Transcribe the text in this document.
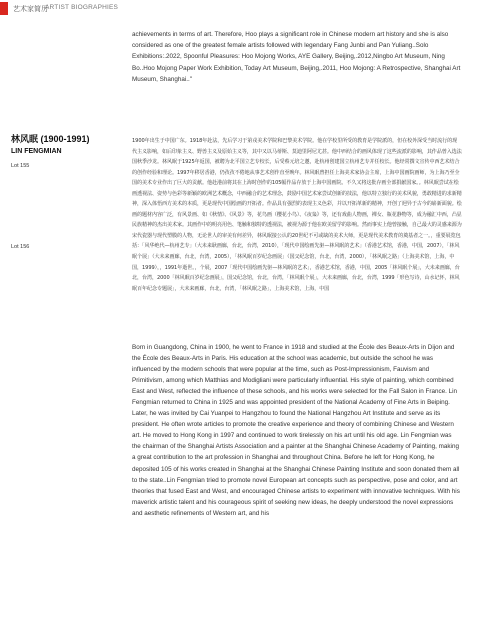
艺术家简历
ARTIST BIOGRAPHIES

achievements in terms of art. Therefore, Hoo plays a significant role in Chinese modern art history and she is also considered as one of the greatest female artists followed with legendary Fang Junbi and Pan Yuliang..Solo Exhibitions:.2022, Spoonful Pleasures: Hoo Mojong Works, AYE Gallery, Beijing,.2012,Ningbo Art Museum, Ning Bo..Hoo Mojong Paper Work Exhibition, Today Art Museum, Beijing,.2011, Hoo Mojong: A Retrospective, Shanghai Art Museum, Shanghai.."

林风眠 (1900-1991)
LIN FENGMIAN
Lot 155
Lot 156

1900年出生于中国广东。1918年赴法，先后学习于第戎美术学院和巴黎美术学院。他在学校里所受的教育是学院派的，但在校外深受当时流行的现代主义影响，如后印象主义、野兽主义及原始主义等，其中又以马蒂斯、莫迪里阿尼尤甚。他中西结合的画风体现了这些流派的影响，其作品曾入选法国秋季沙龙。林风眠于1925年返国，被聘为北平国立艺专校长，后受蔡元培之邀，赴杭州创建国立杭州艺专并任校长。他经常撰文宣传中西艺术结合的创作经验和理论。1997年移居香港，仍孜孜不倦地从事艺术创作直至晚年。林风眠曾担任上海美术家协会主席，上海中国画院画师，为上海乃至全国的美术专业作出了巨大的贡献。他赴港前将其在上海时创作的105幅作品存放于上海中国画院。不久又将这批存画全部捐献国家。。林风眠尝试在绘画透视法、姿势与色彩等新颖的欧洲艺术概念，中西融合的艺术理念，鼓励中国艺术家尝试创新的技法，他以特立独行的美术风貌，勇敢精进的求新精神，深入体悟西方美术的本质，更是现代中国绘画的开拓者。作品具有强烈的表现主义色彩，并以开拓革新的精神，开创了迥异于古今的崭新面貌。绘画的题材内容广泛，有风景画、如《秋情》、《风景》等，花鸟画（樱花小鸟）、《夜枭》等，还有戏曲人物画，裸女、瓶花静物等，成为融汇中西，凸显民族精神的杰出美术家。其画作中的明亮用色、笔触和独特的透视法，被视为源于他在欧美留学的影响。然而事实上他曾接触，自己最大的灵感来源为宋代瓷器与现代塑膜的人物，无论世人的审美有何差异，林风眠接公认的20世纪不可或缺的美术大师，更是现代美术教育的奠基者之一。，重要展览包括：「风华绝代—杭州艺专」（大未来耿画廊，台北，台湾，2010），「现代中国绘画先驱—林风眠的艺术」（香港艺术馆，香港，中国，2007），「林风眠个展」（大未来画廊，台北，台湾，2005），「林风眠百岁纪念画展」（国父纪念馆，台北，台湾，2000），「林风眠之路」（上海美术馆，上海，中国，1999），，1991年逝世。，个展，2007「现代中国绘画先驱—林风眠的艺术」，香港艺术馆，香港，中国，2005「林风眠个展」，大未来画廊，台北，台湾，2000「林风眠百岁纪念画展」，国父纪念馆，台北，台湾，「林风眠个展」，大未来画廊，台北，台湾，1999「形色写诗，山水记怀，林风眠百年纪念专题展」，大未来画廊，台北，台湾，「林风眠之路」，上海美术馆，上海，中国

Born in Guangdong, China in 1900, he went to France in 1918 and studied at the École des Beaux-Arts in Dijon and the École des Beaux-Arts in Paris. His education at the school was academic, but outside the school he was influenced by the modern schools that were popular at the time, such as Post-Impressionism, Fauvism and Primitivism, among which Matthias and Modigliani were particularly influential. His style of painting, which combined East and West, reflected the influence of these schools, and his works were selected for the Fall Salon in France. Lin Fengmian returned to China in 1925 and was appointed president of the National Academy of Fine Arts in Beiping. Later, he was invited by Cai Yuanpei to Hangzhou to found the National Hangzhou Art Institute and serve as its president. He often wrote articles to promote the creative experience and theory of combining Chinese and Western art. He moved to Hong Kong in 1997 and continued to work tirelessly on his art until his old age. Lin Fengmian was the chairman of the Shanghai Artists Association and a painter at the Shanghai Chinese Academy of Painting, making a great contribution to the art profession in Shanghai and throughout China. Before he left for Hong Kong, he deposited 105 of his works created in Shanghai at the Shanghai Chinese Painting Institute and soon donated them all to the state..Lin Fengmian tried to promote novel European art concepts such as perspective, pose and color, and art theories that fused East and West, and encouraged Chinese artists to experiment with innovative techniques. With his maverick artistic talent and his courageous spirit of seeking new ideas, he deeply understood the novel expressions and aesthetic refinements of Western art, and his
